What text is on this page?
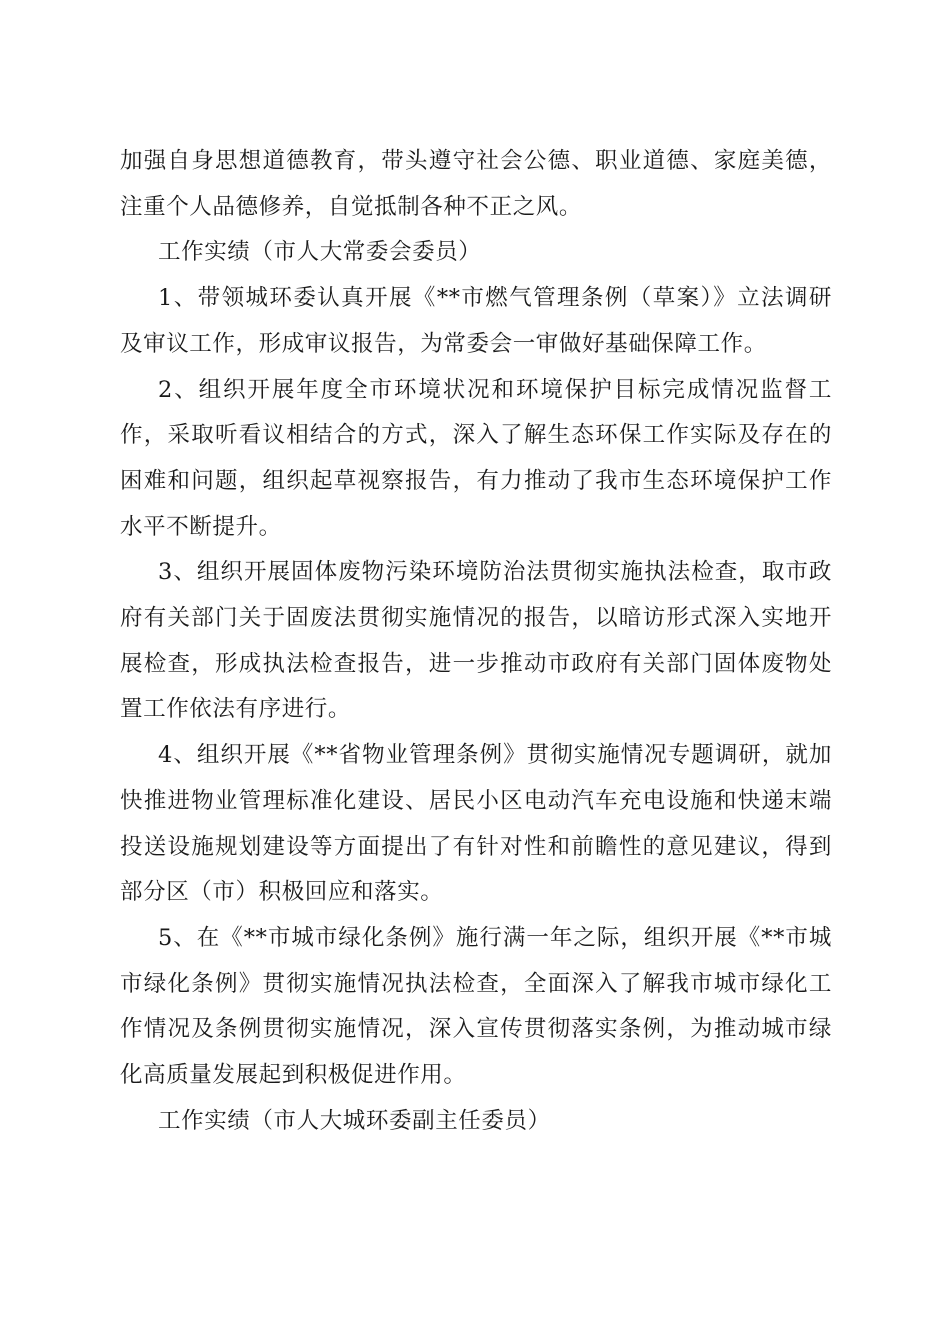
加强自身思想道德教育，带头遵守社会公德、职业道德、家庭美德，注重个人品德修养，自觉抵制各种不正之风。

工作实绩（市人大常委会委员）

1、带领城环委认真开展《**市燃气管理条例（草案）》立法调研及审议工作，形成审议报告，为常委会一审做好基础保障工作。

2、组织开展年度全市环境状况和环境保护目标完成情况监督工作，采取听看议相结合的方式，深入了解生态环保工作实际及存在的困难和问题，组织起草视察报告，有力推动了我市生态环境保护工作水平不断提升。

3、组织开展固体废物污染环境防治法贯彻实施执法检查，取市政府有关部门关于固废法贯彻实施情况的报告，以暗访形式深入实地开展检查，形成执法检查报告，进一步推动市政府有关部门固体废物处置工作依法有序进行。

4、组织开展《**省物业管理条例》贯彻实施情况专题调研，就加快推进物业管理标准化建设、居民小区电动汽车充电设施和快递末端投送设施规划建设等方面提出了有针对性和前瞻性的意见建议，得到部分区（市）积极回应和落实。

5、在《**市城市绿化条例》施行满一年之际，组织开展《**市城市绿化条例》贯彻实施情况执法检查，全面深入了解我市城市绿化工作情况及条例贯彻实施情况，深入宣传贯彻落实条例，为推动城市绿化高质量发展起到积极促进作用。

工作实绩（市人大城环委副主任委员）
